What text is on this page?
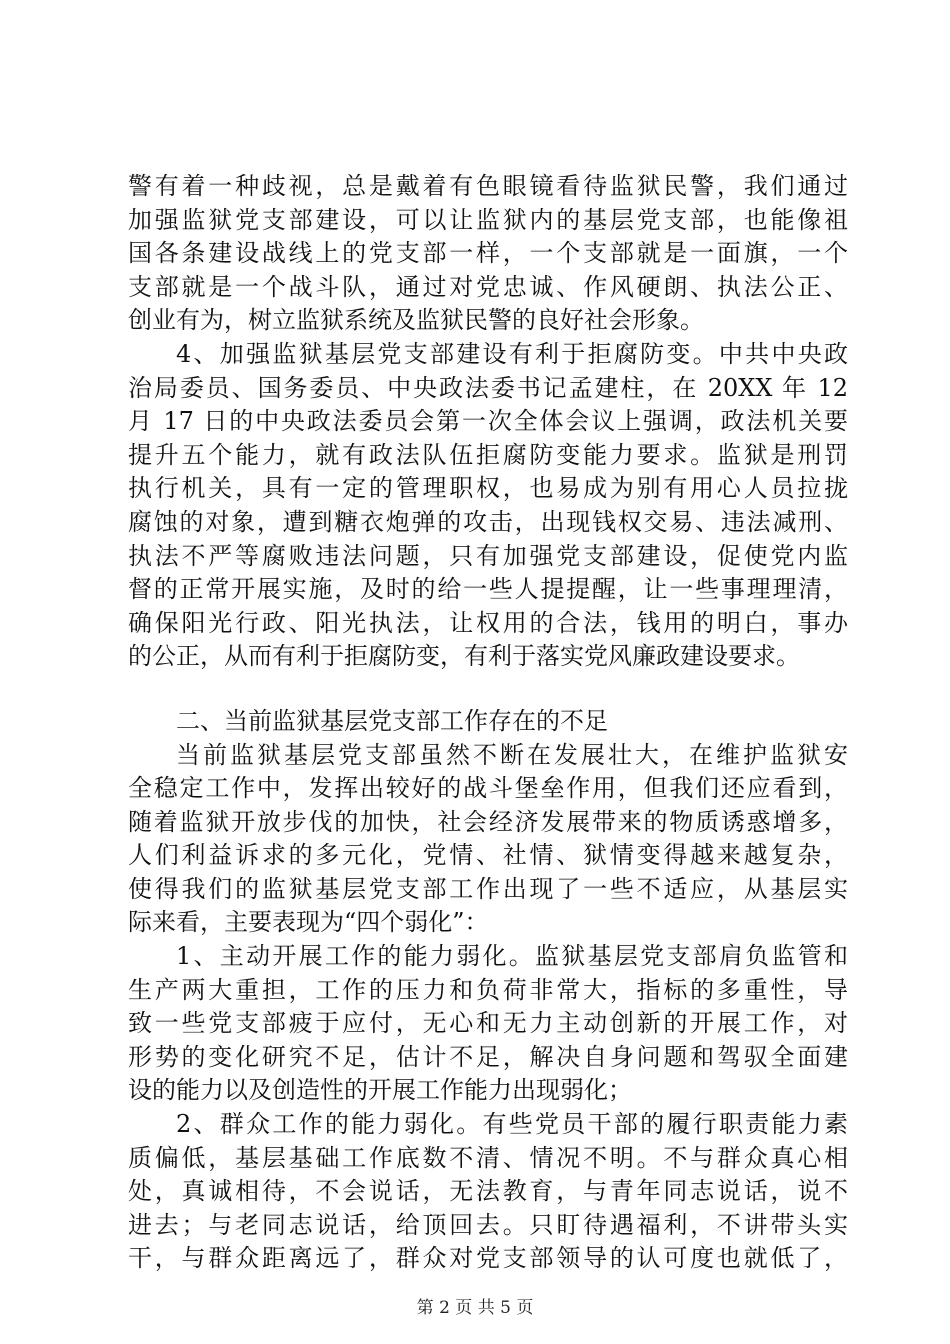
警有着一种歧视，总是戴着有色眼镜看待监狱民警，我们通过
加强监狱党支部建设，可以让监狱内的基层党支部，也能像祖
国各条建设战线上的党支部一样，一个支部就是一面旗，一个
支部就是一个战斗队，通过对党忠诚、作风硬朗、执法公正、
创业有为，树立监狱系统及监狱民警的良好社会形象。
4、加强监狱基层党支部建设有利于拒腐防变。中共中央政
治局委员、国务委员、中央政法委书记孟建柱，在 20XX 年 12
月 17 日的中央政法委员会第一次全体会议上强调，政法机关要
提升五个能力，就有政法队伍拒腐防变能力要求。监狱是刑罚
执行机关，具有一定的管理职权，也易成为别有用心人员拉拢
腐蚀的对象，遭到糖衣炮弹的攻击，出现钱权交易、违法减刑、
执法不严等腐败违法问题，只有加强党支部建设，促使党内监
督的正常开展实施，及时的给一些人提提醒，让一些事理理清，
确保阳光行政、阳光执法，让权用的合法，钱用的明白，事办
的公正，从而有利于拒腐防变，有利于落实党风廉政建设要求。
二、当前监狱基层党支部工作存在的不足
当前监狱基层党支部虽然不断在发展壮大，在维护监狱安
全稳定工作中，发挥出较好的战斗堡垒作用，但我们还应看到，
随着监狱开放步伐的加快，社会经济发展带来的物质诱惑增多，
人们利益诉求的多元化，党情、社情、狱情变得越来越复杂，
使得我们的监狱基层党支部工作出现了一些不适应，从基层实
际来看，主要表现为“四个弱化”：
1、主动开展工作的能力弱化。监狱基层党支部肩负监管和
生产两大重担，工作的压力和负荷非常大，指标的多重性，导
致一些党支部疲于应付，无心和无力主动创新的开展工作，对
形势的变化研究不足，估计不足，解决自身问题和驾驭全面建
设的能力以及创造性的开展工作能力出现弱化；
2、群众工作的能力弱化。有些党员干部的履行职责能力素
质偏低，基层基础工作底数不清、情况不明。不与群众真心相
处，真诚相待，不会说话，无法教育，与青年同志说话，说不
进去；与老同志说话，给顶回去。只盯待遇福利，不讲带头实
干，与群众距离远了，群众对党支部领导的认可度也就低了，
第 2 页 共 5 页
